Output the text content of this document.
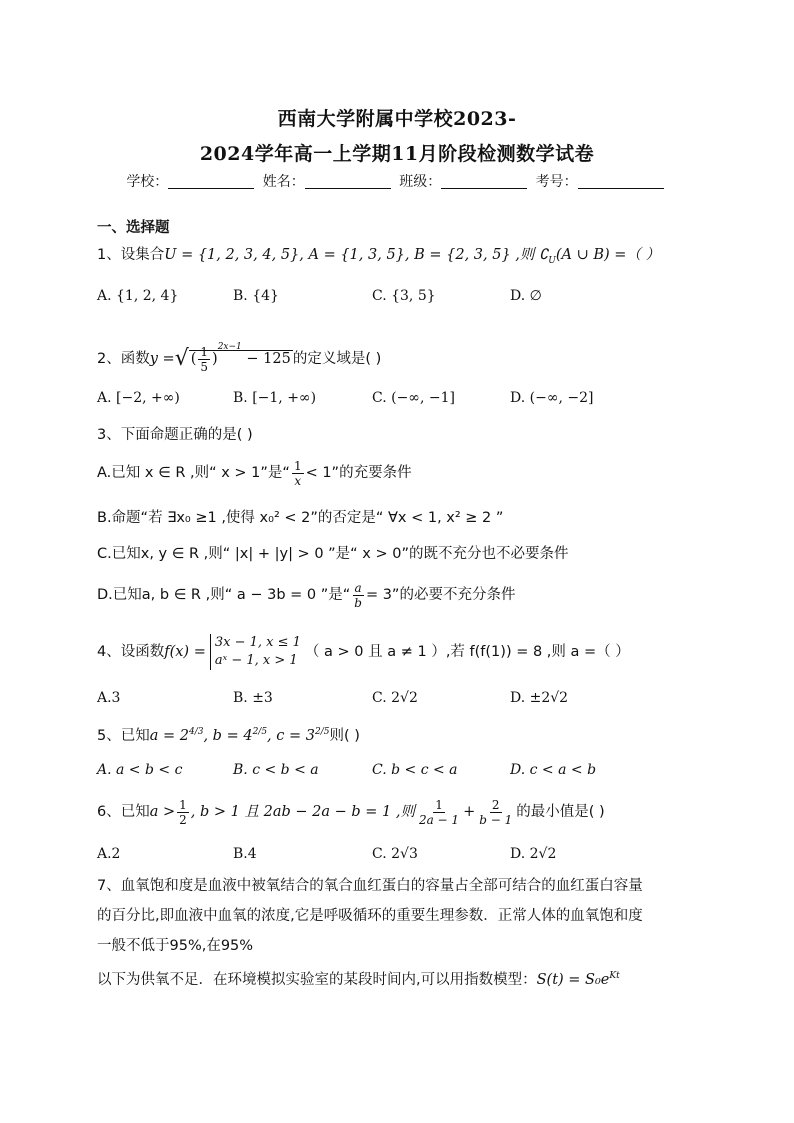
西南大学附属中学校2023-
2024学年高一上学期11月阶段检测数学试卷
学校：	姓名：	班级：	考号：
一、选择题
1、设集合U = {1, 2, 3, 4, 5}, A = {1, 3, 5}, B = {2, 3, 5} ,则 $∁_U(A$ ∪ B) =（ ）
A. {1, 2, 4}	B. {4}	C. {3, 5}	D. ∅
2、函数y =√ ( $\frac{1}{5} )^{2x-1} - 125$ 的定义域是( )
A. [−2, +∞)	B. [−1, +∞)	C. (−∞, −1]	D. (−∞, −2]
3、下面命题正确的是( )
A.已知 x ∈ R ,则“ x > 1”是“ $\frac{1}{x} < 1$”的充要条件
B.命题“若 ∃x₀ ≥1 ,使得 x₀² < 2”的否定是“ ∀x < 1, x² ≥ 2 ”
C.已知x, y ∈ R ,则“ |x| + |y| > 0 ”是“ x > 0”的既不充分也不必要条件
D.已知a, b ∈ R ,则“ a − 3b = 0 ”是“ $\frac{a}{b} = 3$”的必要不充分条件
4、设函数f(x) =
3x − 1, x ≤ 1
aˣ − 1, x > 1
（ a > 0 且 a ≠ 1 ）,若 f(f(1)) = 8 ,则 a =（ ）
A.3	B. ±3	C. 2√2	D. ±2√2
5、已知$a = 2^{4/3}$, $b = 4^{2/5}$, $c = 3^{2/5}$则( )
A. a < b < c	B. c < b < a	C. b < c < a	D. c < a < b
6、已知$a > \frac{1}{2}$ , b > 1 且 2ab − 2a − b = 1 ,则 $\frac{1}{2a - 1} + \frac{2}{b - 1}$ 的最小值是( )
A.2	B.4	C. 2√3	D. 2√2
7、血氧饱和度是血液中被氧结合的氧合血红蛋白的容量占全部可结合的血红蛋白容量
的百分比,即血液中血氧的浓度,它是呼吸循环的重要生理参数．正常人体的血氧饱和度
一般不低于95%,在95%
以下为供氧不足．在环境模拟实验室的某段时间内,可以用指数模型：$S(t) = S_0e^{Kt}$
